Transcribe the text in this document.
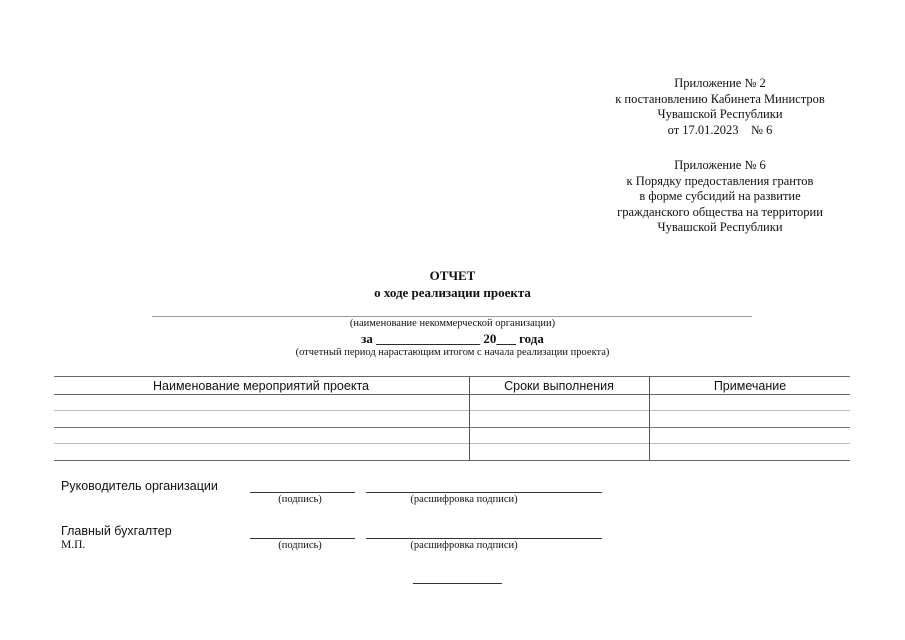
Приложение № 2
к постановлению Кабинета Министров
Чувашской Республики
от 17.01.2023    № 6
Приложение № 6
к Порядку предоставления грантов
в форме субсидий на развитие
гражданского общества на территории
Чувашской Республики
ОТЧЕТ
о ходе реализации проекта
(наименование некоммерческой организации)
за ________________ 20___ года
(отчетный период нарастающим итогом с начала реализации проекта)
Наименование мероприятий проекта	Сроки выполнения	Примечание
Руководитель организации
(подпись)	(расшифровка подписи)
Главный бухгалтер
М.П.	(подпись)	(расшифровка подписи)
